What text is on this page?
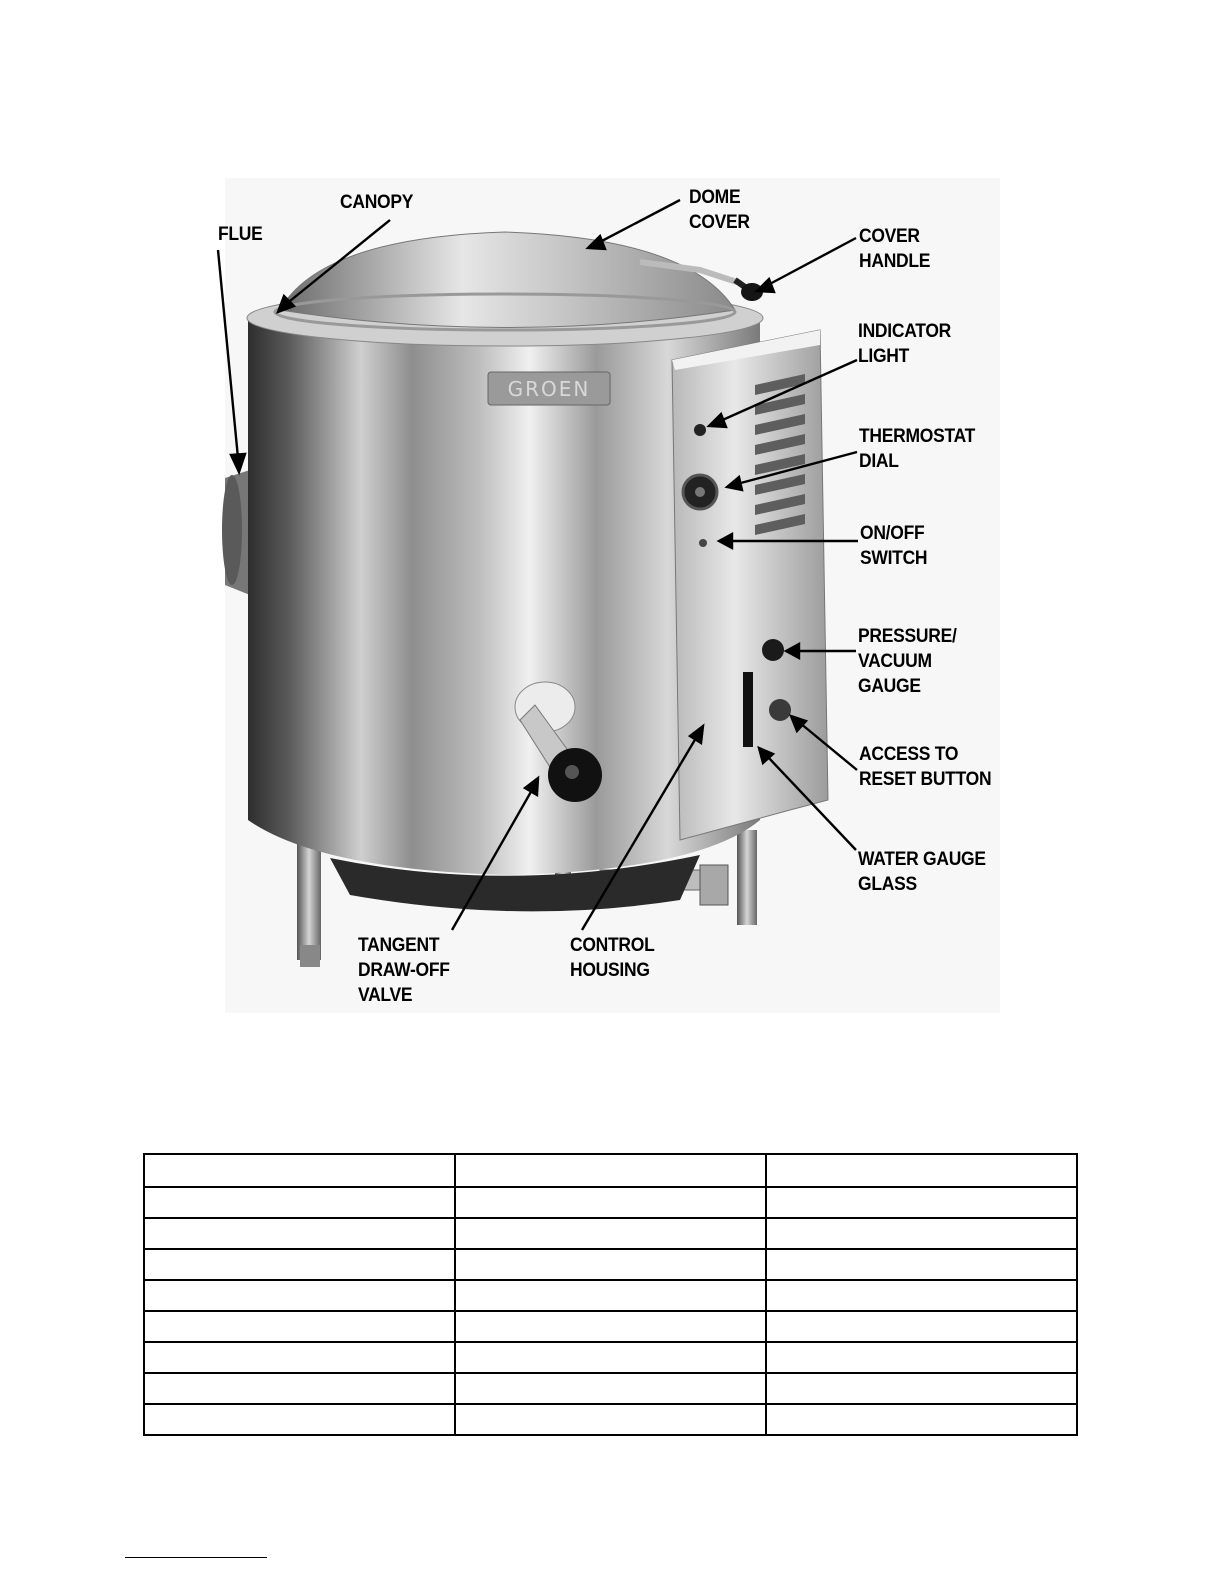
GROEN
CANOPY
FLUE
DOME
COVER
COVER
HANDLE
INDICATOR
LIGHT
THERMOSTAT
DIAL
ON/OFF
SWITCH
PRESSURE/
VACUUM
GAUGE
ACCESS TO
RESET BUTTON
WATER GAUGE
GLASS
TANGENT
DRAW-OFF
VALVE
CONTROL
HOUSING
